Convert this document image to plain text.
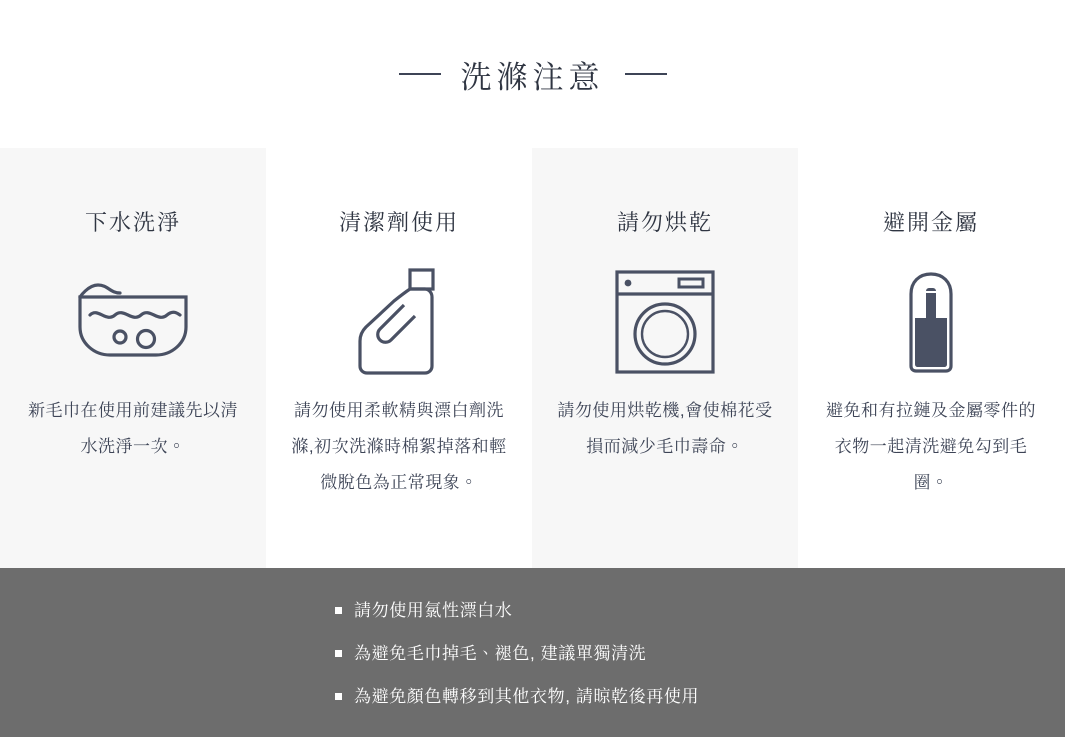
洗滌注意
下水洗淨
新毛巾在使用前建議先以清水洗淨一次。
清潔劑使用
請勿使用柔軟精與漂白劑洗滌,初次洗滌時棉絮掉落和輕微脫色為正常現象。
請勿烘乾
請勿使用烘乾機,會使棉花受損而減少毛巾壽命。
避開金屬
避免和有拉鏈及金屬零件的衣物一起清洗避免勾到毛圈。
請勿使用氯性漂白水
為避免毛巾掉毛、褪色, 建議單獨清洗
為避免顏色轉移到其他衣物, 請晾乾後再使用
